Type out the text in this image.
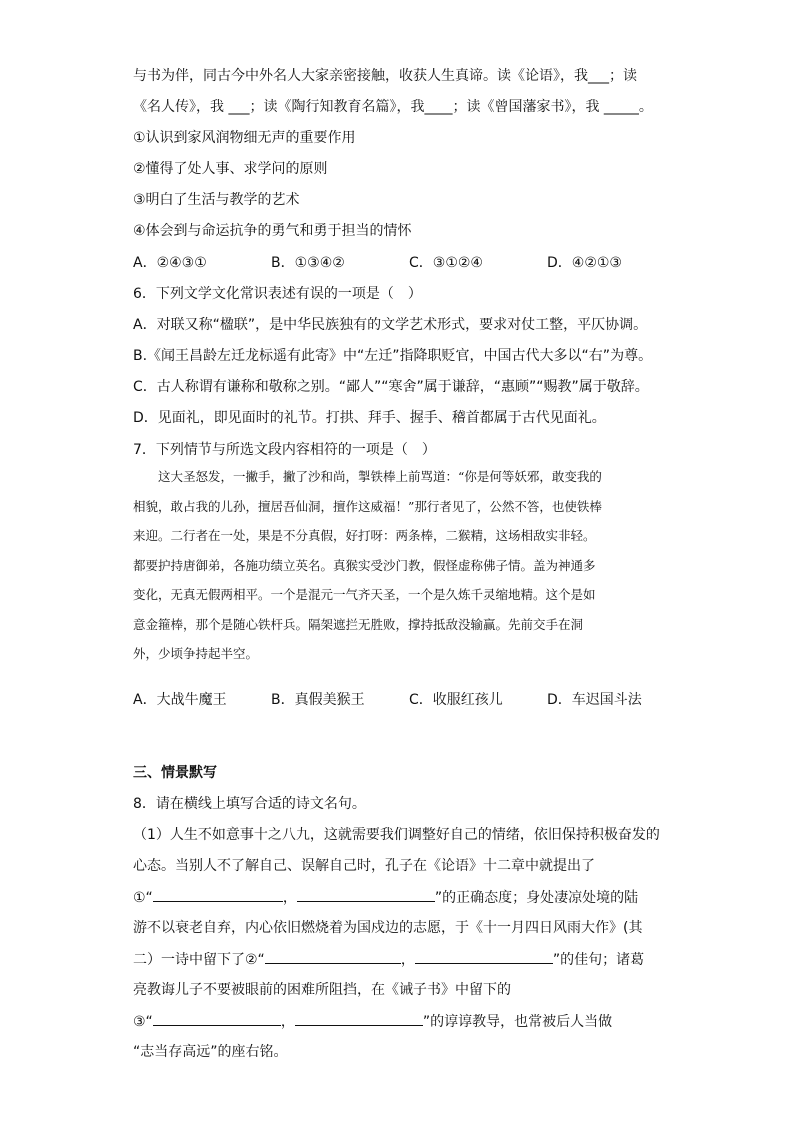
与书为伴，同古今中外名人大家亲密接触，收获人生真谛。读《论语》，我___；读
《名人传》，我 ___；读《陶行知教育名篇》，我____；读《曾国藩家书》，我 _____。
①认识到家风润物细无声的重要作用
②懂得了处人事、求学问的原则
③明白了生活与教学的艺术
④体会到与命运抗争的勇气和勇于担当的情怀
A．②④③①	B．①③④②	C．③①②④	D．④②①③
6．下列文学文化常识表述有误的一项是（　）
A．对联又称“楹联”，是中华民族独有的文学艺术形式，要求对仗工整，平仄协调。
B.《闻王昌龄左迁龙标遥有此寄》中“左迁”指降职贬官，中国古代大多以“右”为尊。
C．古人称谓有谦称和敬称之别。“鄙人”“寒舍”属于谦辞，“惠顾”“赐教”属于敬辞。
D．见面礼，即见面时的礼节。打拱、拜手、握手、稽首都属于古代见面礼。
7．下列情节与所选文段内容相符的一项是（　）

这大圣怒发，一撇手，撇了沙和尚，掣铁棒上前骂道：“你是何等妖邪，敢变我的

相貌，敢占我的儿孙，擅居吾仙洞，擅作这威福！”那行者见了，公然不答，也使铁棒

来迎。二行者在一处，果是不分真假，好打呀：两条棒，二猴精，这场相敌实非轻。

都要护持唐御弟，各施功绩立英名。真猴实受沙门教，假怪虚称佛子情。盖为神通多

变化，无真无假两相平。一个是混元一气齐天圣，一个是久炼千灵缩地精。这个是如

意金箍棒，那个是随心铁杆兵。隔架遮拦无胜败，撑持抵敌没输赢。先前交手在洞

外，少顷争持起半空。

A．大战牛魔王	B．真假美猴王	C．收服红孩儿	D．车迟国斗法
三、情景默写
8．请在横线上填写合适的诗文名句。
（1）人生不如意事十之八九，这就需要我们调整好自己的情绪，依旧保持积极奋发的
心态。当别人不了解自己、误解自己时，孔子在《论语》十二章中就提出了
①“	，	”的正确态度；身处凄凉处境的陆
游不以衰老自弃，内心依旧燃烧着为国戍边的志愿，于《十一月四日风雨大作》(其
二）一诗中留下了②“	，	”的佳句；诸葛
亮教诲儿子不要被眼前的困难所阻挡，在《诫子书》中留下的
③“	，	”的谆谆教导，也常被后人当做
“志当存高远”的座右铭。
